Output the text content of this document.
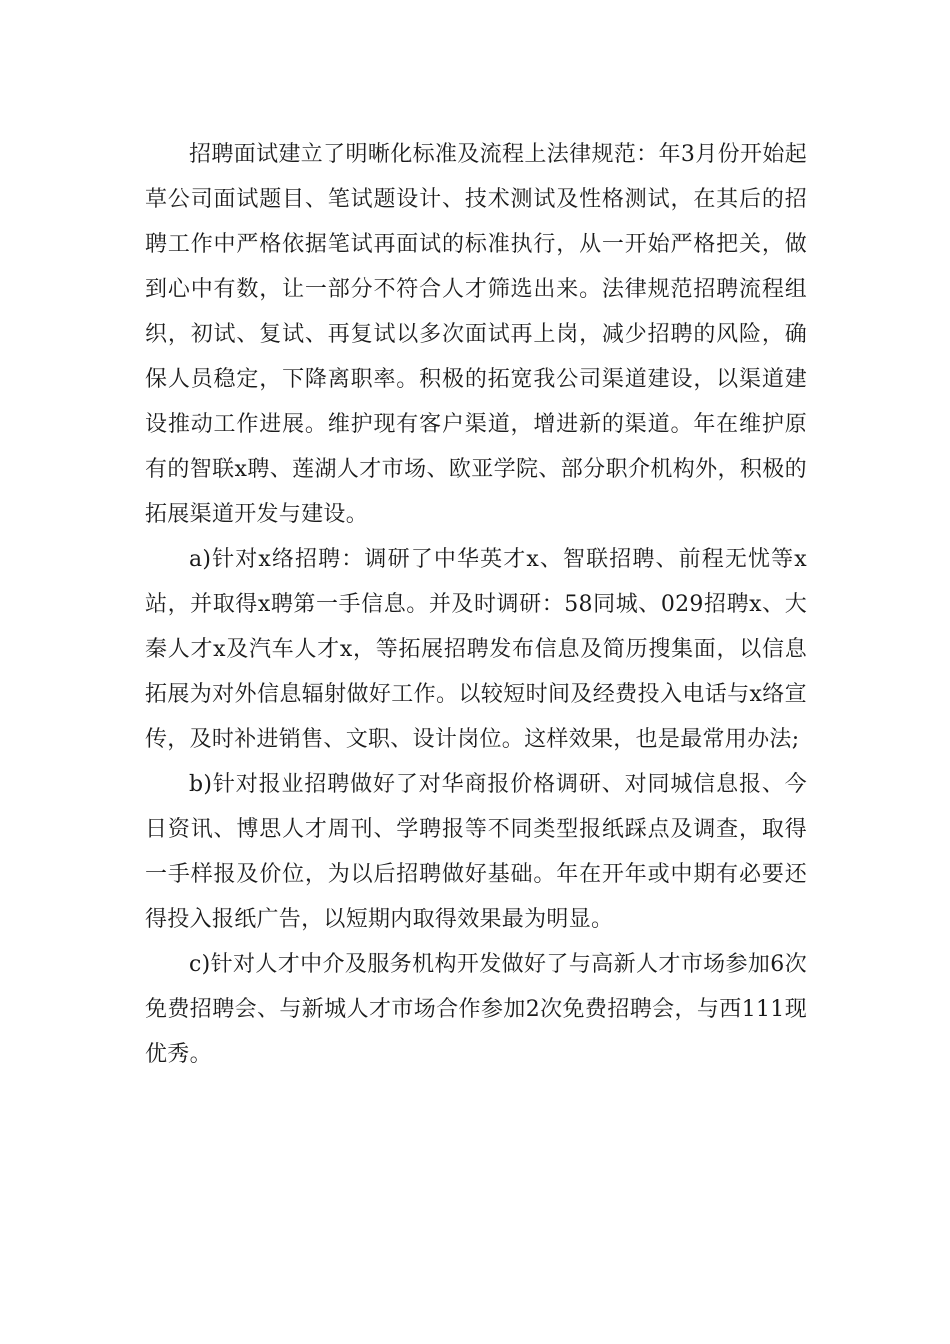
招聘面试建立了明晰化标准及流程上法律规范：年3月份开始起草公司面试题目、笔试题设计、技术测试及性格测试，在其后的招聘工作中严格依据笔试再面试的标准执行，从一开始严格把关，做到心中有数，让一部分不符合人才筛选出来。法律规范招聘流程组织，初试、复试、再复试以多次面试再上岗，减少招聘的风险，确保人员稳定，下降离职率。积极的拓宽我公司渠道建设，以渠道建设推动工作进展。维护现有客户渠道，增进新的渠道。年在维护原有的智联x聘、莲湖人才市场、欧亚学院、部分职介机构外，积极的拓展渠道开发与建设。

a)针对x络招聘：调研了中华英才x、智联招聘、前程无忧等x站，并取得x聘第一手信息。并及时调研：58同城、029招聘x、大秦人才x及汽车人才x，等拓展招聘发布信息及简历搜集面，以信息拓展为对外信息辐射做好工作。以较短时间及经费投入电话与x络宣传，及时补进销售、文职、设计岗位。这样效果，也是最常用办法;

b)针对报业招聘做好了对华商报价格调研、对同城信息报、今日资讯、博思人才周刊、学聘报等不同类型报纸踩点及调查，取得一手样报及价位，为以后招聘做好基础。年在开年或中期有必要还得投入报纸广告，以短期内取得效果最为明显。

c)针对人才中介及服务机构开发做好了与高新人才市场参加6次免费招聘会、与新城人才市场合作参加2次免费招聘会，与西111现优秀。
